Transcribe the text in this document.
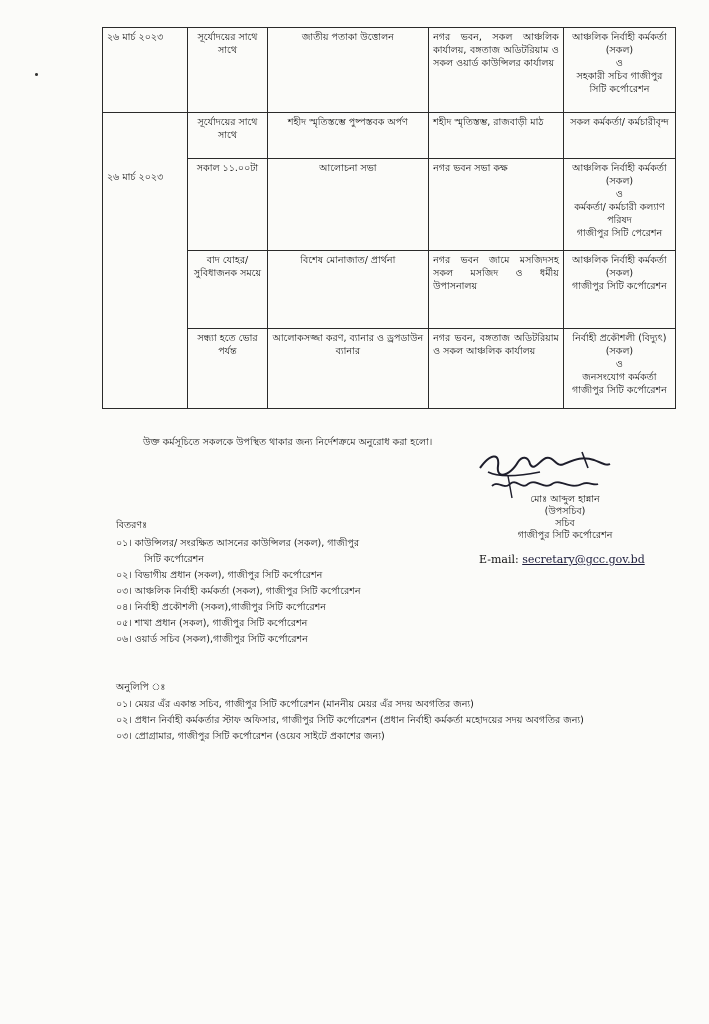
২৬ মার্চ ২০২৩	সূর্যোদয়ের সাথে সাথে	জাতীয় পতাকা উত্তোলন	নগর ভবন, সকল আঞ্চলিক কার্যালয়, বঙ্গতাজ অডিটরিয়াম ও সকল ওয়ার্ড কাউন্সিলর কার্যালয়	আঞ্চলিক নির্বাহী কর্মকর্তা (সকল)
ও
সহকারী সচিব গাজীপুর সিটি কর্পোরেশন

২৬ মার্চ ২০২৩	সূর্যোদয়ের সাথে সাথে	শহীদ স্মৃতিস্তম্ভে পুষ্পস্তবক অর্পণ	শহীদ স্মৃতিস্তম্ভ, রাজবাড়ী মাঠ	সকল কর্মকর্তা/ কর্মচারীবৃন্দ
	সকাল ১১.০০টা	আলোচনা সভা	নগর ভবন সভা কক্ষ	আঞ্চলিক নির্বাহী কর্মকর্তা (সকল)
ও
কর্মকর্তা/ কর্মচারী কল্যাণ পরিষদ
গাজীপুর সিটি পেরেশন

	বাদ যোহর/ সুবিধাজনক সময়ে	বিশেষ মোনাজাত/ প্রার্থনা	নগর ভবন জামে মসজিদসহ সকল মসজিদ ও ধর্মীয় উপাসনালয়	আঞ্চলিক নির্বাহী কর্মকর্তা (সকল)
গাজীপুর সিটি কর্পোরেশন

	সন্ধ্যা হতে ভোর পর্যন্ত	আলোকসজ্জা করণ, ব্যানার ও ড্রপডাউন ব্যানার	নগর ভবন, বঙ্গতাজ অডিটরিয়াম ও সকল আঞ্চলিক কার্যালয়	নির্বাহী প্রকৌশলী (বিদ্যুৎ) (সকল)
ও
জনসংযোগ কর্মকর্তা গাজীপুর সিটি কর্পোরেশন
উক্ত কর্মসূচিতে সকলকে উপস্থিত থাকার জন্য নির্দেশক্রমে অনুরোধ করা হলো।
মোঃ আব্দুল হান্নান
(উপসচিব)
সচিব
গাজীপুর সিটি কর্পোরেশন
E-mail: secretary@gcc.gov.bd
বিতরণঃ
০১। কাউন্সিলর/ সংরক্ষিত আসনের কাউন্সিলর (সকল), গাজীপুর
সিটি কর্পোরেশন
০২। বিভাগীয় প্রধান (সকল), গাজীপুর সিটি কর্পোরেশন
০৩। আঞ্চলিক নির্বাহী কর্মকর্তা (সকল), গাজীপুর সিটি কর্পোরেশন
০৪। নির্বাহী প্রকৌশলী (সকল),গাজীপুর সিটি কর্পোরেশন
০৫। শাখা প্রধান (সকল), গাজীপুর সিটি কর্পোরেশন
০৬। ওয়ার্ড সচিব (সকল),গাজীপুর সিটি কর্পোরেশন
অনুলিপি ঃ
০১। মেয়র এঁর একান্ত সচিব, গাজীপুর সিটি কর্পোরেশন (মাননীয় মেয়র এঁর সদয় অবগতির জন্য)
০২। প্রধান নির্বাহী কর্মকর্তার স্টাফ অফিসার, গাজীপুর সিটি কর্পোরেশন (প্রধান নির্বাহী কর্মকর্তা মহোদয়ের সদয় অবগতির জন্য)
০৩। প্রোগ্রামার, গাজীপুর সিটি কর্পোরেশন (ওয়েব সাইটে প্রকাশের জন্য)
